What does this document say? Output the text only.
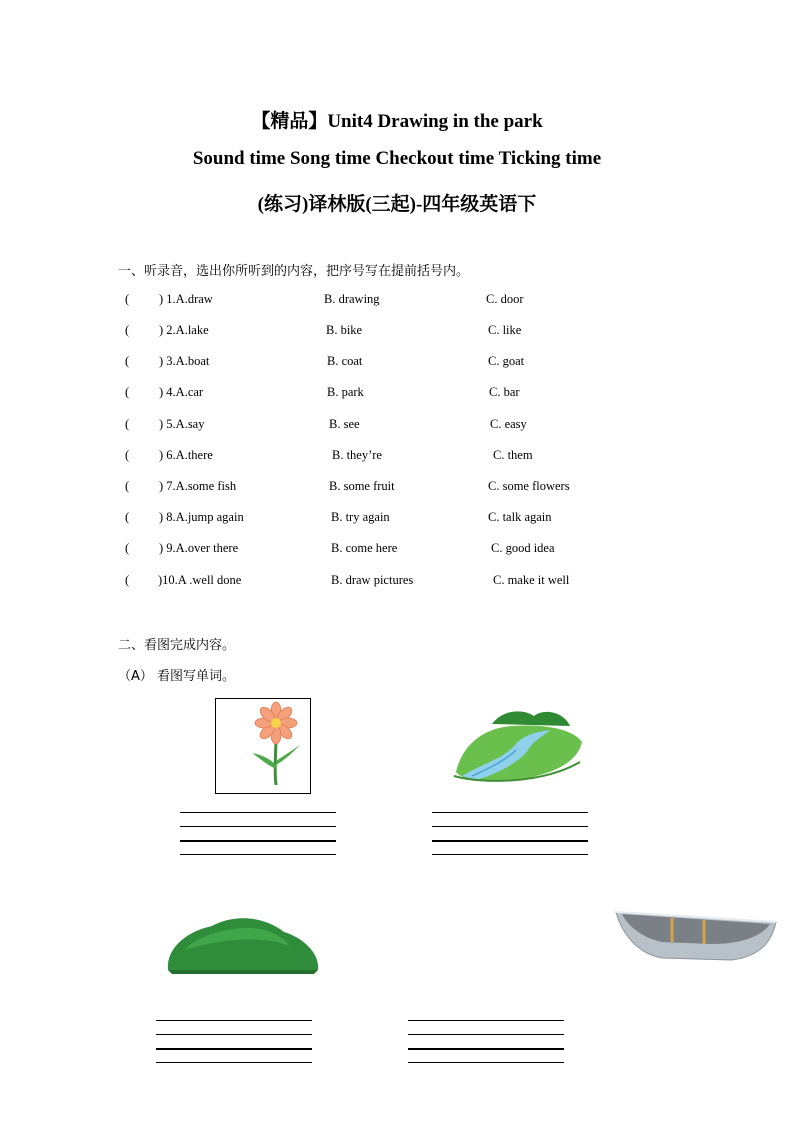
【精品】Unit4 Drawing in the park
Sound time Song time Checkout time Ticking time
(练习)译林版(三起)-四年级英语下
一、听录音，选出你所听到的内容，把序号写在提前括号内。
( ) 1.A.draw	B. drawing	C. door
( ) 2.A.lake	B. bike	C. like
( ) 3.A.boat	B. coat	C. goat
( ) 4.A.car	B. park	C. bar
( ) 5.A.say	B. see	C. easy
( ) 6.A.there	B. they’re	C. them
( ) 7.A.some fish	B. some fruit	C. some flowers
( ) 8.A.jump again	B. try again	C. talk again
( ) 9.A.over there	B. come here	C. good idea
( )10.A .well done	B. draw pictures	C. make it well
二、看图完成内容。
（A） 看图写单词。
